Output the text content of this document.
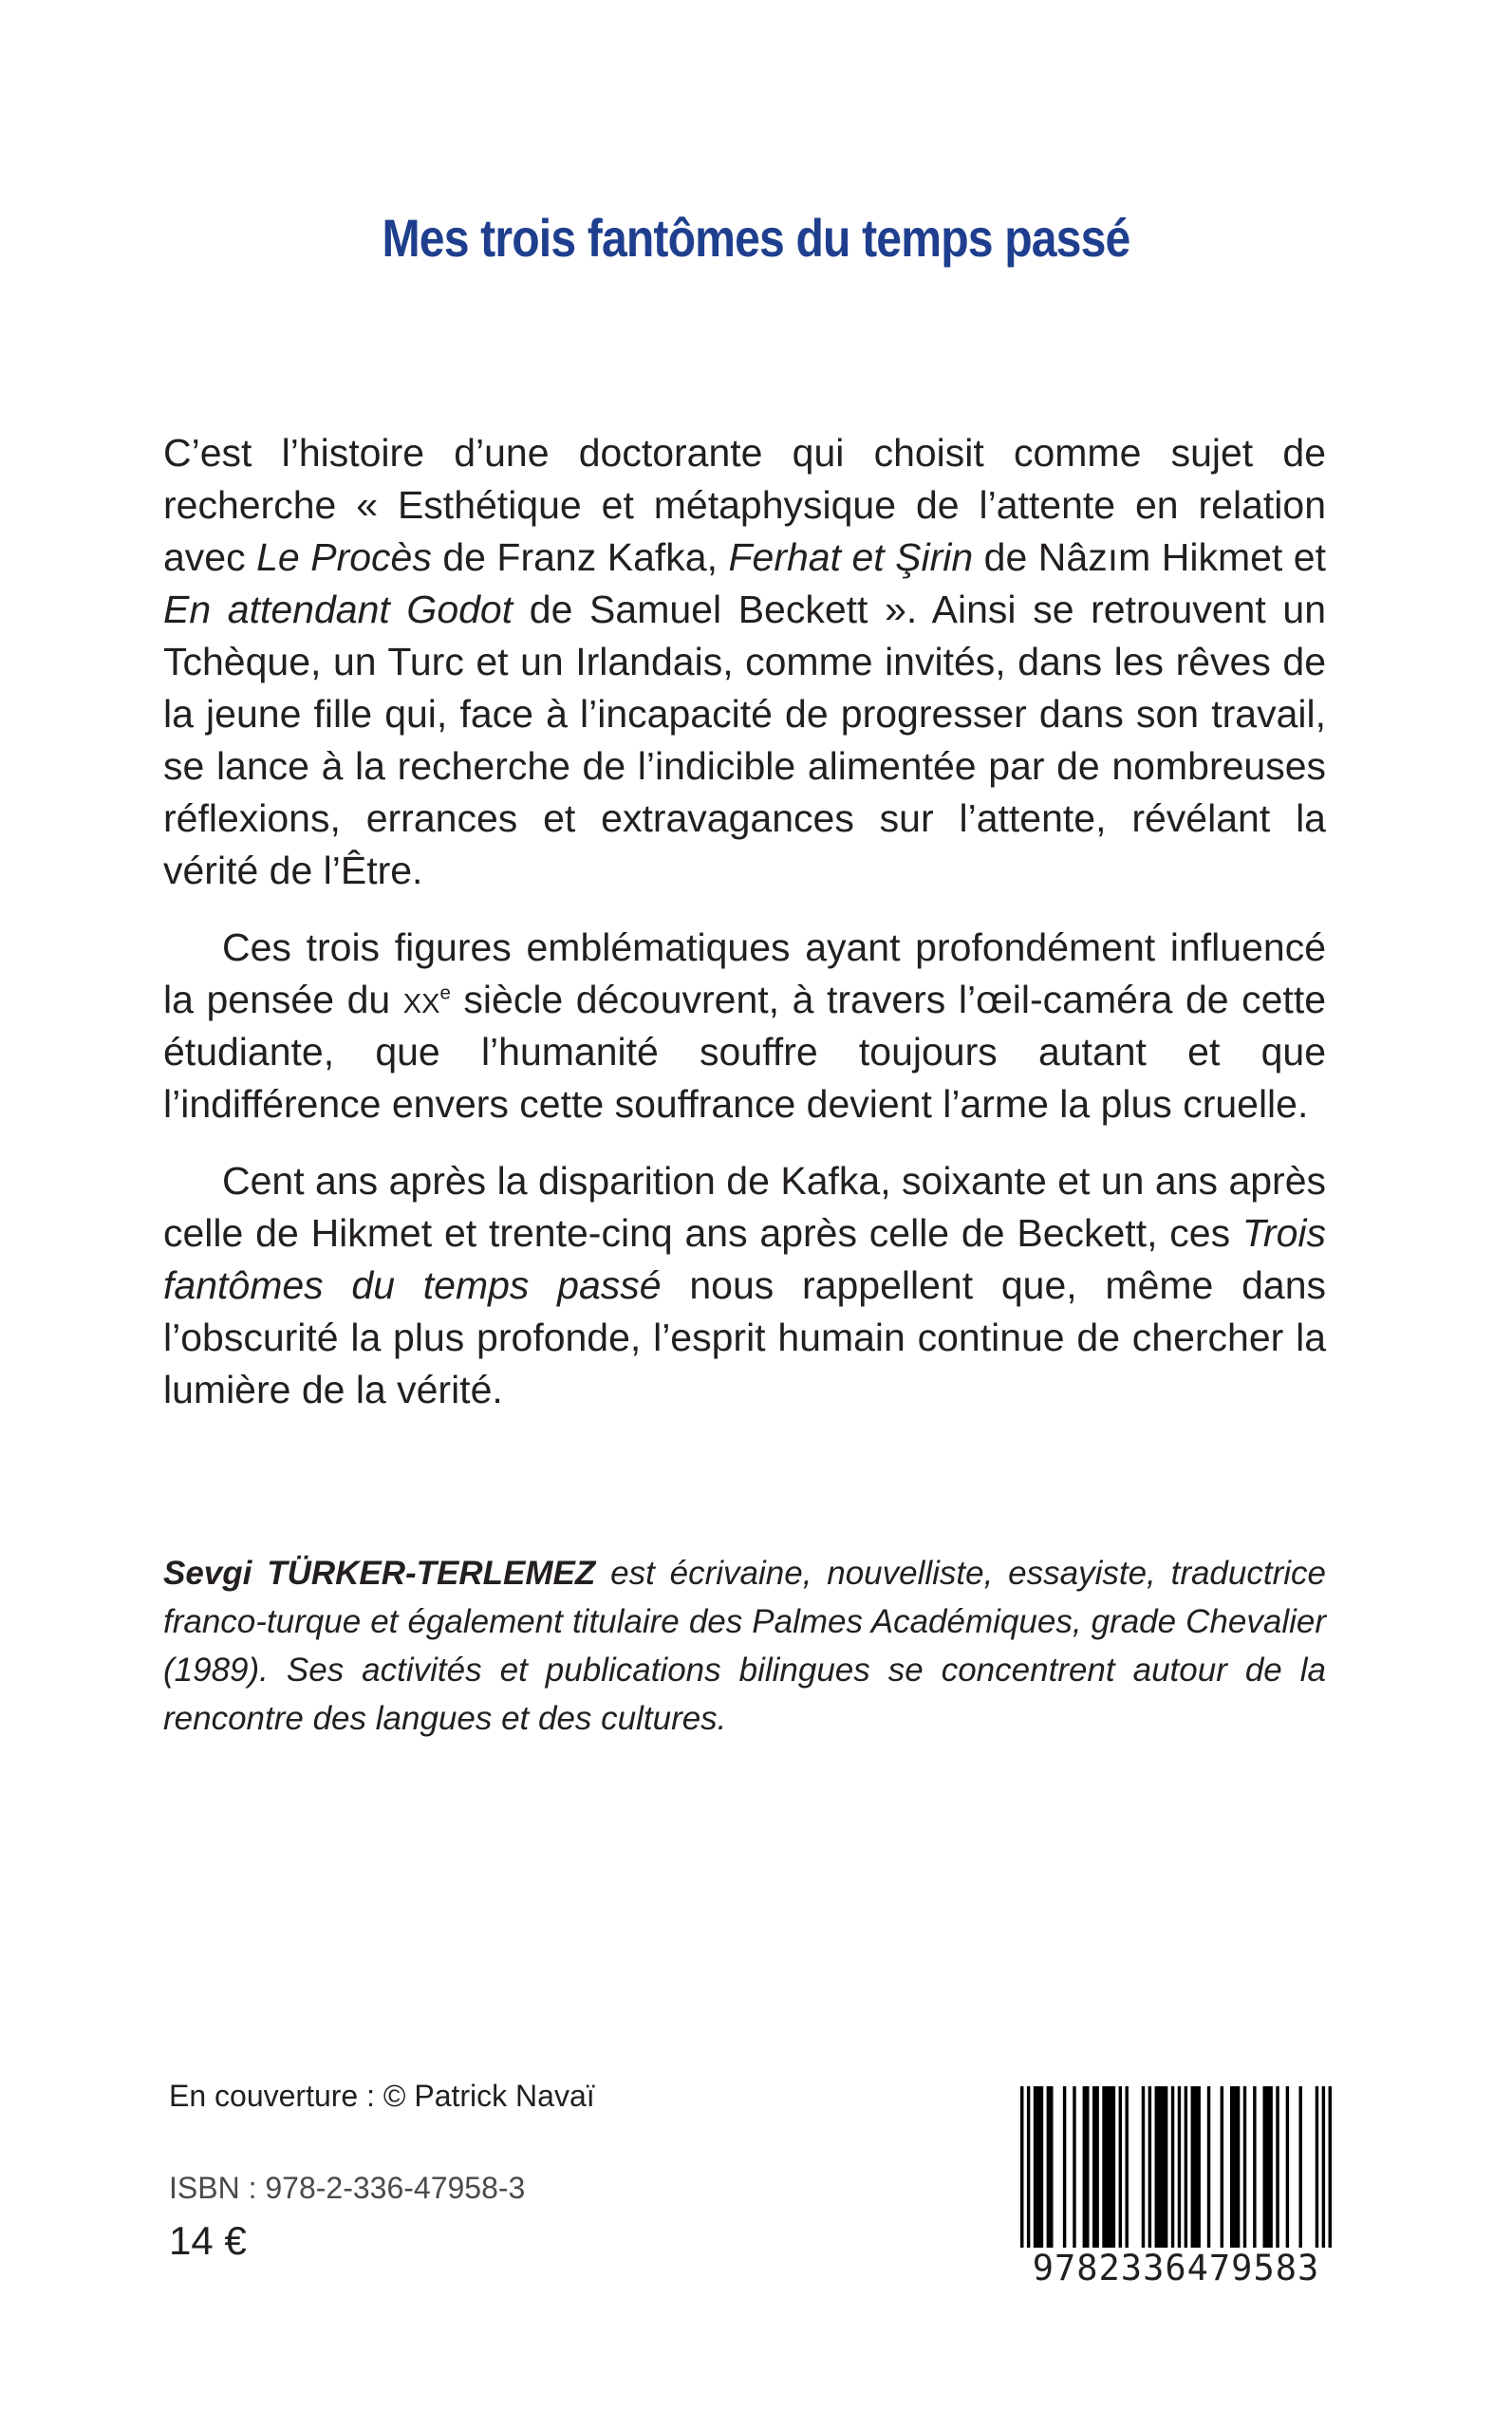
Mes trois fantômes du temps passé

C’est l’histoire d’une doctorante qui choisit comme sujet de recherche « Esthétique et métaphysique de l’attente en relation avec Le Procès de Franz Kafka, Ferhat et Şirin de Nâzım Hikmet et En attendant Godot de Samuel Beckett ». Ainsi se retrouvent un Tchèque, un Turc et un Irlandais, comme invités, dans les rêves de la jeune fille qui, face à l’incapacité de progresser dans son travail, se lance à la recherche de l’indicible alimentée par de nombreuses réflexions, errances et extravagances sur l’attente, révélant la vérité de l’Être.

Ces trois figures emblématiques ayant profondément influencé la pensée du $xx^e$ siècle découvrent, à travers l’œil-caméra de cette étudiante, que l’humanité souffre toujours autant et que l’indifférence envers cette souffrance devient l’arme la plus cruelle.

Cent ans après la disparition de Kafka, soixante et un ans après celle de Hikmet et trente-cinq ans après celle de Beckett, ces Trois fantômes du temps passé nous rappellent que, même dans l’obscurité la plus profonde, l’esprit humain continue de chercher la lumière de la vérité.

Sevgi TÜRKER-TERLEMEZ est écrivaine, nouvelliste, essayiste, traductrice franco-turque et également titulaire des Palmes Académiques, grade Chevalier (1989). Ses activités et publications bilingues se concentrent autour de la rencontre des langues et des cultures.

En couverture : © Patrick Navaï

ISBN : 978-2-336-47958-3

14 €

9782336479583
